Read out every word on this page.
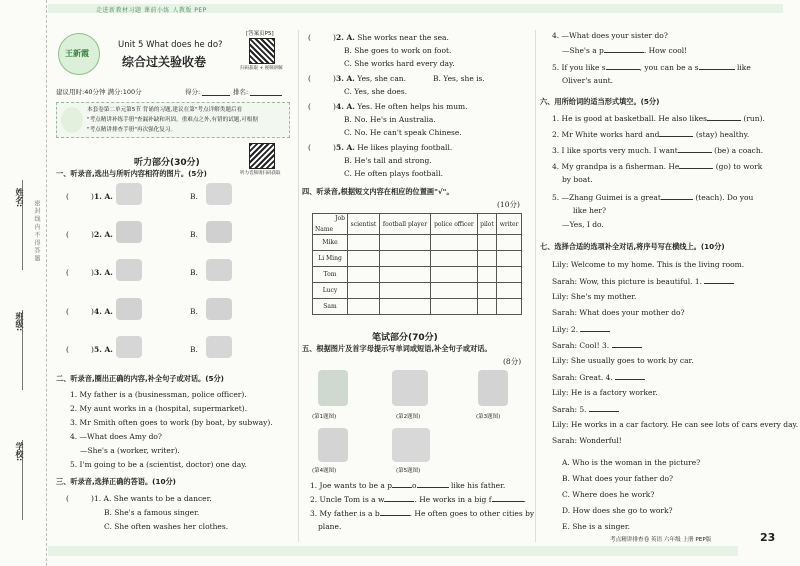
走进新教材习题 课前小练 人教版 PEP
姓名:
班级:
学校:
密 封 线 内 不 得 答 题
王新霞
Unit 5 What does he do?
综合过关验收卷
[答案页P5]
扫码获取 + 视频讲解
建议用时:40分钟 满分:100分	得分:	排名:
本套卷第二单元第5节 背诵的习题,建议在第"考点详解类题后看
"考点精讲补练手册"查漏补缺和巩固。重难点之外,有错的试题,可根据
"考点精讲排查手册"再次强化复习。
听力部分(30分)
听力音频请扫码获取
一、听录音,选出与所听内容相符的图片。(5分)
(	) 1. A.	B.
(	) 2. A.	B.
(	) 3. A.	B.
(	) 4. A.	B.
(	) 5. A.	B.
二、听录音,圈出正确的内容,补全句子或对话。(5分)
1. My father is a (businessman, police officer).
2. My aunt works in a (hospital, supermarket).
3. Mr Smith often goes to work (by boat, by subway).
4. —What does Amy do?
—She's a (worker, writer).
5. I'm going to be a (scientist, doctor) one day.
三、听录音,选择正确的答语。(10分)
(	) 1. A. She wants to be a dancer.
B. She's a famous singer.
C. She often washes her clothes.
(	) 2. A. She works near the sea.
B. She goes to work on foot.
C. She works hard every day.
(	) 3. A. Yes, she can.	B. Yes, she is.
C. Yes, she does.
(	) 4. A. Yes. He often helps his mum.
B. No. He's in Australia.
C. No. He can't speak Chinese.
(	) 5. A. He likes playing football.
B. He's tall and strong.
C. He often plays football.
四、听录音,根据短文内容在相应的位置画"√"。
(10分)
Job
Name	scientist	football player	police officer	pilot	writer
Mike					
Li Ming					
Tom					
Lucy					
Sam					
笔试部分(70分)
五、根据图片及首字母提示写单词或短语,补全句子或对话。
(8分)
(第1题图)	(第2题图)	(第3题图)
(第4题图)	(第5题图)
1. Joe wants to be a p	o	like his father.
2. Uncle Tom is a w	. He works in a big f	.
3. My father is a b	. He often goes to other cities by
plane.
4. —What does your sister do?
—She's a p	. How cool!
5. If you like s	, you can be a s	like
Oliver's aunt.
六、用所给词的适当形式填空。(5分)
1. He is good at basketball. He also likes	(run).
2. Mr White works hard and	(stay) healthy.
3. I like sports very much. I want	(be) a coach.
4. My grandpa is a fisherman. He	(go) to work
by boat.
5. —Zhang Guimei is a great	(teach). Do you
like her?
—Yes, I do.
七、选择合适的选项补全对话,将序号写在横线上。(10分)
Lily: Welcome to my home. This is the living room.
Sarah: Wow, this picture is beautiful. 1.
Lily: She's my mother.
Sarah: What does your mother do?
Lily: 2.
Sarah: Cool! 3.
Lily: She usually goes to work by car.
Sarah: Great. 4.
Lily: He is a factory worker.
Sarah: 5.
Lily: He works in a car factory. He can see lots of cars every day.
Sarah: Wonderful!
A. Who is the woman in the picture?
B. What does your father do?
C. Where does he work?
D. How does she go to work?
E. She is a singer.
考点精讲排查卷 英语 六年级 上册 PEP版	23
